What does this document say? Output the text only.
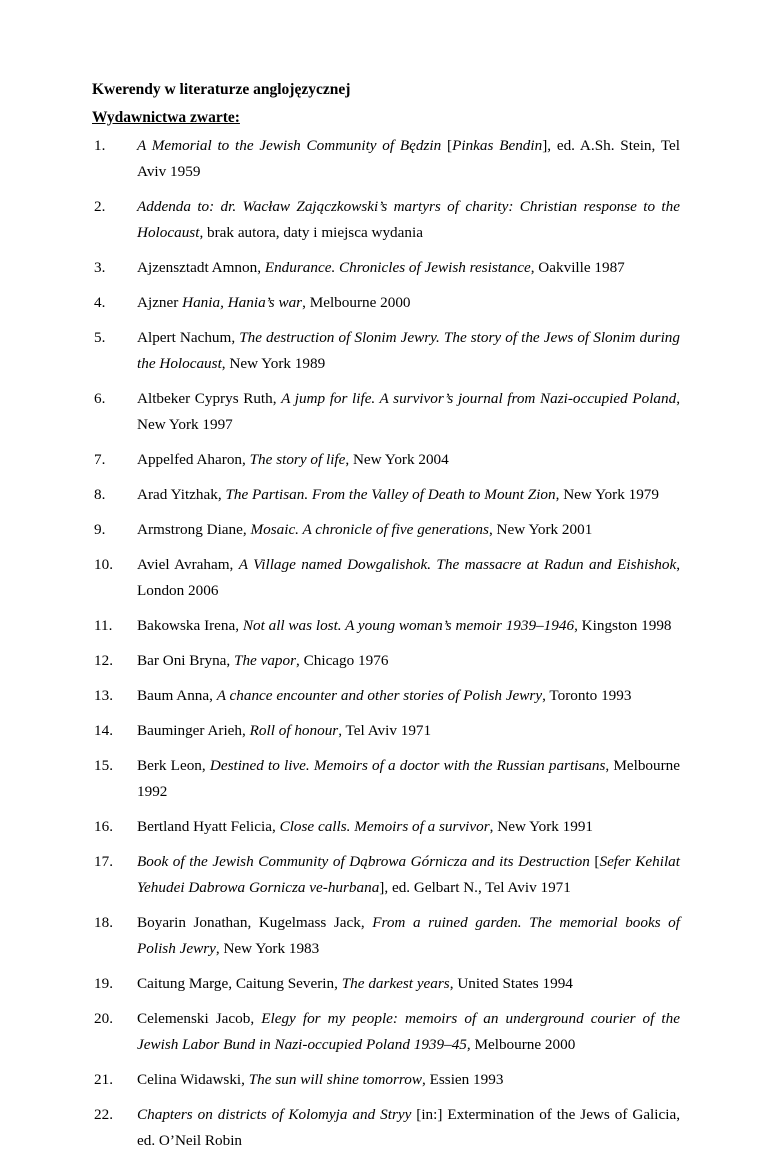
Kwerendy w literaturze anglojęzycznej
Wydawnictwa zwarte:
1.	A Memorial to the Jewish Community of Będzin [Pinkas Bendin], ed. A.Sh. Stein, Tel Aviv 1959
2.	Addenda to: dr. Wacław Zajączkowski’s martyrs of charity: Christian response to the Holocaust, brak autora, daty i miejsca wydania
3.	Ajzensztadt Amnon, Endurance. Chronicles of Jewish resistance, Oakville 1987
4.	Ajzner Hania, Hania’s war, Melbourne 2000
5.	Alpert Nachum, The destruction of Slonim Jewry. The story of the Jews of Slonim during the Holocaust, New York 1989
6.	Altbeker Cyprys Ruth, A jump for life. A survivor’s journal from Nazi-occupied Poland, New York 1997
7.	Appelfed Aharon, The story of life, New York 2004
8.	Arad Yitzhak, The Partisan. From the Valley of Death to Mount Zion, New York 1979
9.	Armstrong Diane, Mosaic. A chronicle of five generations, New York 2001
10.	Aviel Avraham, A Village named Dowgalishok. The massacre at Radun and Eishishok, London 2006
11.	Bakowska Irena, Not all was lost. A young woman’s memoir 1939–1946, Kingston 1998
12.	Bar Oni Bryna, The vapor, Chicago 1976
13.	Baum Anna, A chance encounter and other stories of Polish Jewry, Toronto 1993
14.	Bauminger Arieh, Roll of honour, Tel Aviv 1971
15.	Berk Leon, Destined to live. Memoirs of a doctor with the Russian partisans, Melbourne 1992
16.	Bertland Hyatt Felicia, Close calls. Memoirs of a survivor, New York 1991
17.	Book of the Jewish Community of Dąbrowa Górnicza and its Destruction [Sefer Kehilat Yehudei Dabrowa Gornicza ve-hurbana], ed. Gelbart N., Tel Aviv 1971
18.	Boyarin Jonathan, Kugelmass Jack, From a ruined garden. The memorial books of Polish Jewry, New York 1983
19.	Caitung Marge, Caitung Severin, The darkest years, United States 1994
20.	Celemenski Jacob, Elegy for my people: memoirs of an underground courier of the Jewish Labor Bund in Nazi-occupied Poland 1939–45, Melbourne 2000
21.	Celina Widawski, The sun will shine tomorrow, Essien 1993
22.	Chapters on districts of Kolomyja and Stryy [in:] Extermination of the Jews of Galicia, ed. O’Neil Robin
